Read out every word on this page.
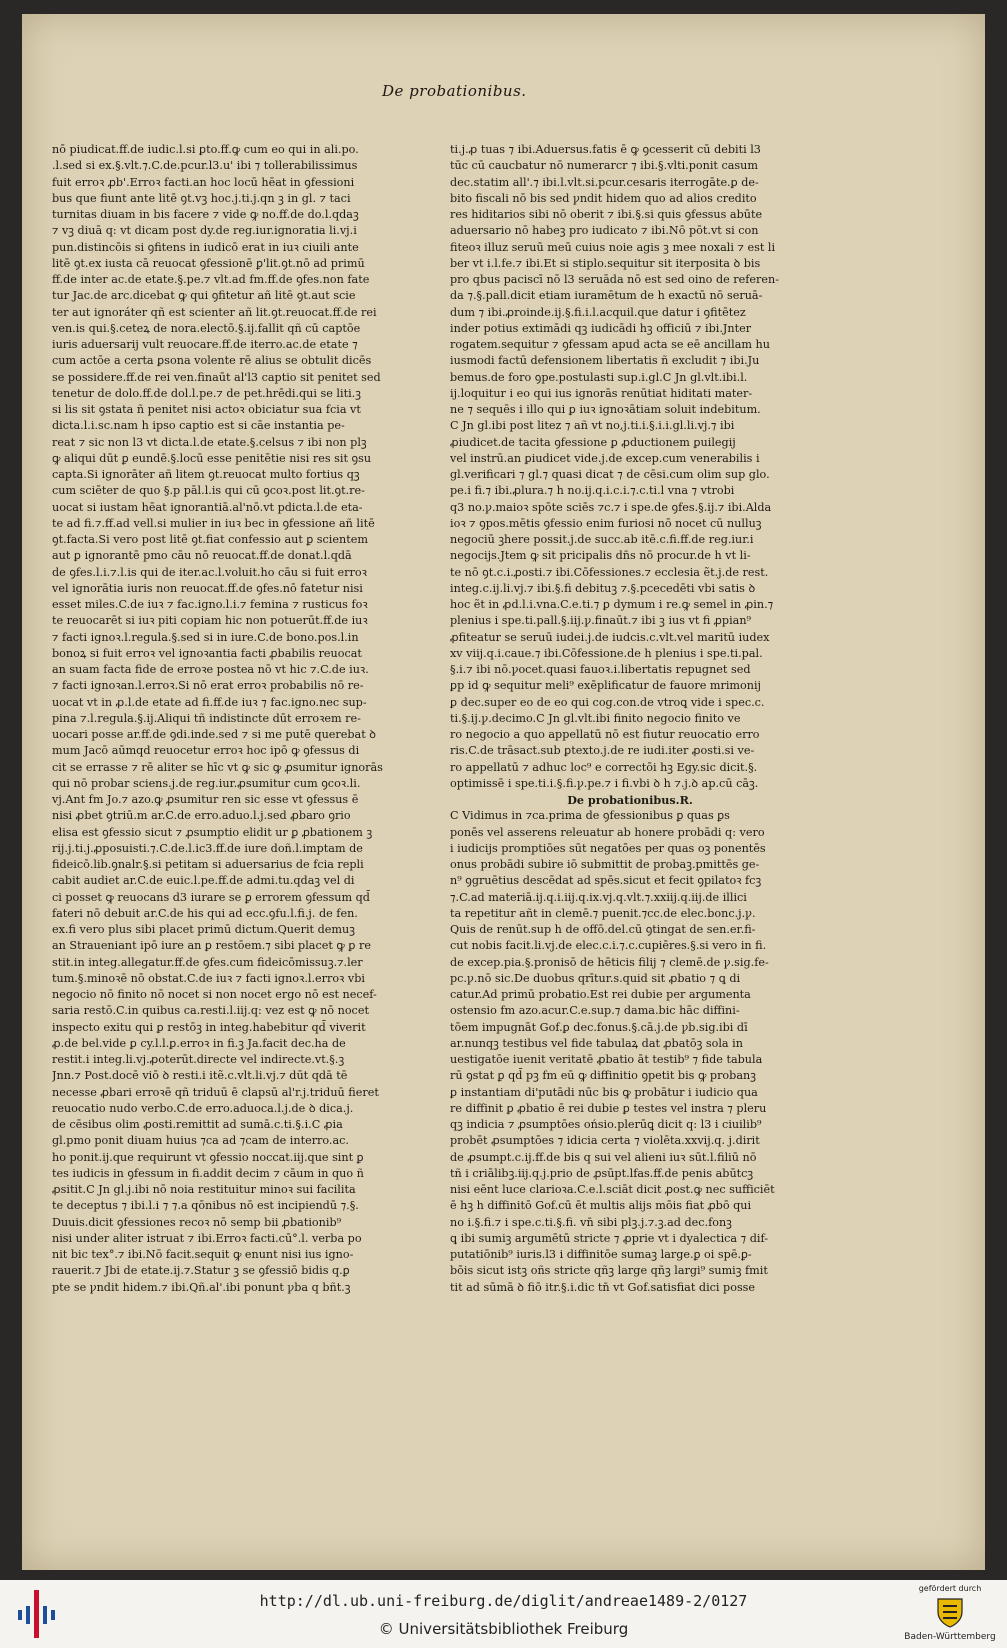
De probationibus.
nō piudicat.ff.de iudic.l.si ꝑto.ff.ꝙ cum eo qui in ali.po.
.l.sed si ex.§.vlt.⁊.C.de.pcur.l3.u' ibi ⁊ tollerabilissimus
fuit erroꝛ ꝓb'.Erroꝛ facti.an hoc locū hēat in ꝯfessioni
bus que fiunt ante litē ꝯt.vꝫ hoc.j.ti.j.qn ꝫ in gl. ⁊ taci
turnitas diuam in bis facere ⁊ vide ꝙ no.ff.de do.l.qdaꝫ
⁊ vꝫ diuā q: vt dicam post dy.de reg.iur.ignoratia li.vj.i
pun.distincōis si ꝯfitens in iudicō erat in iuꝛ ciuili ante
litē ꝯt.ex iusta cā reuocat ꝯfessionē ꝑ'lit.ꝯt.nō ad primū
ff.de inter ac.de etate.§.pe.⁊ vlt.ad fm.ff.de ꝯfes.non fate
tur Jac.de arc.dicebat ꝙ qui ꝯfitetur añ litē ꝯt.aut scie
ter aut ignoráter qñ est scienter añ lit.ꝯt.reuocat.ff.de rei
ven.is qui.§.ceteꝝ de nora.electō.§.ij.fallit qñ cū captōe
iuris aduersarij vult reuocare.ff.de iterro.ac.de etate ⁊
cum actōe a certa ꝑsona volente rē alius se obtulit dicēs
se possidere.ff.de rei ven.finaūt al'l3 captio sit penitet sed
tenetur de dolo.ff.de dol.l.pe.⁊ de pet.hrēdi.qui se liti.ꝫ
si lis sit ꝯstata ñ penitet nisi actoꝛ obiciatur sua fcia vt
dicta.l.i.sc.nam h ipso captio est si cāe instantia pe-
reat ⁊ sic non l3 vt dicta.l.de etate.§.celsus ⁊ ibi non plꝫ
ꝙ aliqui dūt ꝑ eundē.§.locū esse penitētie nisi res sit ꝯsu
capta.Si ignorāter añ litem ꝯt.reuocat multo fortius qꝫ
cum sciēter de quo §.p pāl.l.is qui cū ꝯcoꝛ.post lit.ꝯt.re-
uocat si iustam hēat ignorantiā.al'nō.vt pdicta.l.de eta-
te ad fi.⁊.ff.ad vell.si mulier in iuꝛ bec in ꝯfessione añ litē
ꝯt.facta.Si vero post litē ꝯt.fiat confessio aut ꝑ scientem
aut ꝑ ignorantē pmo cāu nō reuocat.ff.de donat.l.qdā
de ꝯfes.l.i.⁊.l.is qui de iter.ac.l.voluit.ho cāu si fuit erroꝛ
vel ignorātia iuris non reuocat.ff.de ꝯfes.nō fatetur nisi
esset miles.C.de iuꝛ ⁊ fac.igno.l.i.⁊ femina ⁊ rusticus foꝛ
te reuocarēt si iuꝛ piti copiam hic non potuerūt.ff.de iuꝛ
⁊ facti ignoꝛ.l.regula.§.sed si in iure.C.de bono.pos.l.in
bonoꝝ si fuit erroꝛ vel ignoꝛantia facti ꝓbabilis reuocat
an suam facta fide de erroꝛe postea nō vt hic ⁊.C.de iuꝛ.
⁊ facti ignoꝛan.l.erroꝛ.Si nō erat erroꝛ probabilis nō re-
uocat vt in ꝓ.l.de etate ad fi.ff.de iuꝛ ⁊ fac.igno.nec sup-
pina ⁊.l.regula.§.ij.Aliqui tñ indistincte dūt erroꝛem re-
uocari posse ar.ff.de ꝯdi.inde.sed ⁊ si me putē querebat ꝺ
mum Jacō aūmqd reuocetur erroꝛ hoc ipō ꝙ ꝯfessus di
cit se errasse ⁊ rē aliter se hīc vt ꝙ sic ꝙ ꝓsumitur ignorās
qui nō probar sciens.j.de reg.iur.ꝓsumitur cum ꝯcoꝛ.li.
vj.Ant fm Jo.⁊ azo.ꝙ ꝓsumitur ren sic esse vt ꝯfessus ē
nisi ꝓbet ꝯtriū.m ar.C.de erro.aduo.l.j.sed ꝓbaro ꝯrio
elisa est ꝯfessio sicut ⁊ ꝓsumptio elidit ur ꝑ ꝓbationem ꝫ
rij.j.ti.j.ꝓposuisti.⁊.C.de.l.ic3.ff.de iure doñ.l.imptam de
fideicō.lib.ꝯnalr.§.si petitam si aduersarius de fcia repli
cabit audiet ar.C.de euic.l.pe.ff.de admi.tu.qdaꝫ vel di
ci posset ꝙ reuocans d3 iurare se ꝑ errorem ꝯfessum qd̄
fateri nō debuit ar.C.de his qui ad ecc.ꝯfu.l.fi.j. de fen.
ex.fi vero plus sibi placet primū dictum.Querit demuꝫ
an Straueniant ipō iure an ꝑ restōem.⁊ sibi placet ꝙ ꝑ re
stit.in integ.allegatur.ff.de ꝯfes.cum fideicōmissuꝫ.⁊.ler
tum.§.minoꝛē nō obstat.C.de iuꝛ ⁊ facti ignoꝛ.l.erroꝛ vbi
negocio nō finito nō nocet si non nocet ergo nō est necef-
saria restō.C.in quibus ca.resti.l.iij.q: vez est ꝙ nō nocet
inspecto exitu qui ꝑ restōꝫ in integ.habebitur qd̄ viverit
ꝓ.de bel.vide ꝑ cy.l.l.ꝑ.erroꝛ in fi.ꝫ Ja.facit dec.ha de
restit.i integ.li.vj.ꝓoterūt.directe vel indirecte.vt.§.ꝫ
Jnn.⁊ Post.docē viō ꝺ resti.i itẽ.c.vlt.li.vj.⁊ dūt qdā tē
necesse ꝓbari erroꝛē qñ triduū ē clapsū al'r.j.triduū fieret
reuocatio nudo verbo.C.de erro.aduoca.l.j.de ꝺ dica.j.
de cēsibus olim ꝓosti.remittit ad sumā.c.ti.§.i.C ꝓia
gl.pmo ponit diuam huius ⁊ca ad ⁊cam de interro.ac.
ho ponit.ij.que requirunt vt ꝯfessio noccat.iij.que sint ꝑ
tes iudicis in ꝯfessum in fi.addit decim ⁊ cāum in quo ñ
ꝓsitit.C Jn gl.j.ibi nō noia restituitur minoꝛ sui facilita
te deceptus ⁊ ibi.l.i ⁊ ⁊.a qōnibus nō est incipiendū ⁊.§.
Duuis.dicit ꝯfessiones recoꝛ nō semp bii ꝓbationib⁹
nisi under aliter istruat ⁊ ibi.Erroꝛ facti.cū°.l. verba po
nit bic tex°.⁊ ibi.Nō facit.sequit ꝙ enunt nisi ius igno-
rauerit.⁊ Jbi de etate.ij.⁊.Statur ꝫ se ꝯfessiō bidis q.ꝑ
pte se ꝩndit hidem.⁊ ibi.Qñ.al'.ibi ponunt ꝩba q bñt.ꝫ
ti.j.ꝓ tuas ⁊ ibi.Aduersus.fatis ē ꝙ ꝯcesserit cū debiti l3
tūc cū caucbatur nō numerarcr ⁊ ibi.§.vlti.ponit casum
dec.statim all'.⁊ ibi.l.vlt.si.pcur.cesaris iterrogāte.ꝑ de-
bito fiscali nō bis sed ꝩndit hidem quo ad alios credito
res hiditarios sibi nō oberit ⁊ ibi.§.si quis ꝯfessus abūte
aduersario nō habeꝫ pro iudicato ⁊ ibi.Nō pōt.vt si con
fiteoꝛ illuz seruū meū cuius noie agis ꝫ mee noxali ⁊ est li
ber vt i.l.fe.⁊ ibi.Et si stiplo.sequitur sit iterposita ꝺ bis
pro qbus paciscī nō l3 seruāda nō est sed oino de referen-
da ⁊.§.pall.dicit etiam iuramētum de h exactū nō seruā-
dum ⁊ ibi.ꝓroinde.ij.§.fi.i.l.acquil.que datur i ꝯfitētez
inder potius extimādi qꝫ iudicādi hꝫ officiū ⁊ ibi.Jnter
rogatem.sequitur ⁊ ꝯfessam apud acta se eē ancillam hu
iusmodi factū defensionem libertatis ñ excludit ⁊ ibi.Ju
bemus.de foro ꝯpe.postulasti sup.i.gl.C Jn gl.vlt.ibi.l.
ij.loquitur i eo qui ius ignorās renūtiat hiditati mater-
ne ⁊ sequēs i illo qui ꝑ iuꝛ ignoꝛātiam soluit indebitum.
C Jn gl.ibi post litez ⁊ añ vt no,j.ti.i.§.i.i.gl.li.vj.⁊ ibi
ꝓiudicet.de tacita ꝯfessione ꝑ ꝓductionem ꝑuilegij
vel instrū.an ꝑiudicet vide.j.de excep.cum venerabilis i
gl.verificari ⁊ gl.⁊ quasi dicat ⁊ de cēsi.cum olim sup glo.
pe.i fi.⁊ ibi.ꝓlura.⁊ h no.ij.q.i.c.i.⁊.c.ti.l vna ⁊ vtrobi
q3 no.ꝩ.maioꝛ spōte sciēs ⁊c.⁊ i spe.de ꝯfes.§.ij.⁊ ibi.Alda
ioꝛ ⁊ ꝯpos.mētis ꝯfessio enim furiosi nō nocet cū nulluꝫ
negociū ꝫhere possit.j.de succ.ab itē.c.fi.ff.de reg.iur.i
negocijs.Jtem ꝙ sit pricipalis dn̄s nō procur.de h vt li-
te nō ꝯt.c.i.ꝓosti.⁊ ibi.Cōfessiones.⁊ ecclesia ẽt.j.de rest.
integ.c.ij.li.vj.⁊ ibi.§.fi debituꝫ ⁊.§.pcecedēti vbi satis ꝺ
hoc ẽt in ꝓd.l.i.vna.C.e.ti.⁊ ꝑ dymum i re.ꝙ semel in ꝓin.⁊
plenius i spe.ti.pall.§.iij.ꝩ.finaūt.⁊ ibi ꝫ ius vt fi ꝓpian⁹
ꝓfiteatur se seruū iudei.j.de iudcis.c.vlt.vel maritū iudex
xv viij.q.i.caue.⁊ ibi.Cōfessione.de h plenius i spe.ti.pal.
§.i.⁊ ibi nō.ꝩocet.quasi fauoꝛ.i.libertatis repugnet sed
ꝑp id ꝙ sequitur meli⁹ exēplificatur de fauore mrimonij
ꝑ dec.super eo de eo qui cog.con.de vtroꝗ vide i spec.c.
ti.§.ij.ꝩ.decimo.C Jn gl.vlt.ibi finito negocio finito ve
ro negocio a quo appellatū nō est fiutur reuocatio erro
ris.C.de trāsact.sub ꝑtexto.j.de re iudi.iter ꝓosti.si ve-
ro appellatū ⁊ adhuc loc⁹ e correctōi hꝫ Egy.sic dicit.§.
optimissē i spe.ti.i.§.fi.ꝩ.pe.⁊ i fi.vbi ꝺ h ⁊.j.ꝺ ap.cū cāꝫ.
De probationibus.R.
C Vidimus in ⁊ca.prima de ꝯfessionibus ꝑ quas ꝑs
ponēs vel asserens releuatur ab honere probādi q: vero
i iudicijs promptiōes sūt negatōes per quas oꝫ ponentēs
onus probādi subire iō submittit de probaꝫ.pmittēs ge-
n⁹ ꝯgruētius descēdat ad spēs.sicut et fecit ꝯpilatoꝛ fcꝫ
⁊.C.ad materiā.ij.q.i.iij.q.ix.vj.q.vlt.⁊.xxiij.q.iij.de illici
ta repetitur añt in clemē.⁊ puenit.⁊cc.de elec.bonc.j.ꝩ.
Quis de renūt.sup h de offō.del.cū ꝯtingat de sen.er.fi-
cut nobis facit.li.vj.de elec.c.i.⁊.c.cupiēres.§.si vero in fi.
de excep.pia.§.pronisō de hēticis filij ⁊ clemē.de ꝩ.sig.fe-
pc.ꝩ.nō sic.De duobus qrītur.s.quid sit ꝓbatio ⁊ ꝗ di
catur.Ad primū probatio.Est rei dubie per argumenta
ostensio fm azo.acur.C.e.sup.⁊ dama.bic hāc diffini-
tōem impugnāt Gof.ꝑ dec.fonus.§.cā.j.de ꝩb.sig.ibi dī
ar.nunqꝫ testibus vel fide tabulaꝝ dat ꝓbatōꝫ sola in
uestigatōe iuenit veritatē ꝓbatio āt testib⁹ ⁊ fide tabula
rū ꝯstat ꝑ qd̄ pꝫ fm eū ꝙ diffinitio ꝯpetit bis ꝙ probanꝫ
ꝑ instantiam di'putādi nūc bis ꝙ probātur i iudicio qua
re diffinit ꝑ ꝓbatio ē rei dubie ꝑ testes vel instra ⁊ pleru
qꝫ indicia ⁊ ꝓsumptōes ońsio.plerūꝗ dicit q: l3 i ciuilib⁹
probēt ꝓsumptōes ⁊ idicia certa ⁊ violēta.xxvij.q. j.dirit
de ꝓsumpt.c.ij.ff.de bis q sui vel alieni iuꝛ sūt.l.filiū nō
tñ i criālibꝫ.iij.q.j.prio de ꝓsūpt.lfas.ff.de penis abūtcꝫ
nisi eēnt luce clarioꝛa.C.e.l.sciāt dicit ꝓost.ꝙ nec sufficiēt
ē hꝫ h diffinitō Gof.cū ēt multis alijs mōis fiat ꝓbō qui
no i.§.fi.⁊ i spe.c.ti.§.fi. vn̄ sibi plꝫ.j.⁊.ꝫ.ad dec.fonꝫ
ꝗ ibi sumiꝫ argumētū stricte ⁊ ꝓprie vt i dyalectica ⁊ dif-
putatiōnib⁹ iuris.l3 i diffinitōe sumaꝫ large.ꝑ oi spē.ꝑ-
bōis sicut istꝫ oñs stricte qñꝫ large qñꝫ largi⁹ sumiꝫ fmit
tit ad sūmā ꝺ fiō itr.§.i.dic tn̄ vt Gof.satisfiat dici posse
http://dl.ub.uni-freiburg.de/diglit/andreae1489-2/0127
© Universitätsbibliothek Freiburg
gefördert durch
Baden-Württemberg
